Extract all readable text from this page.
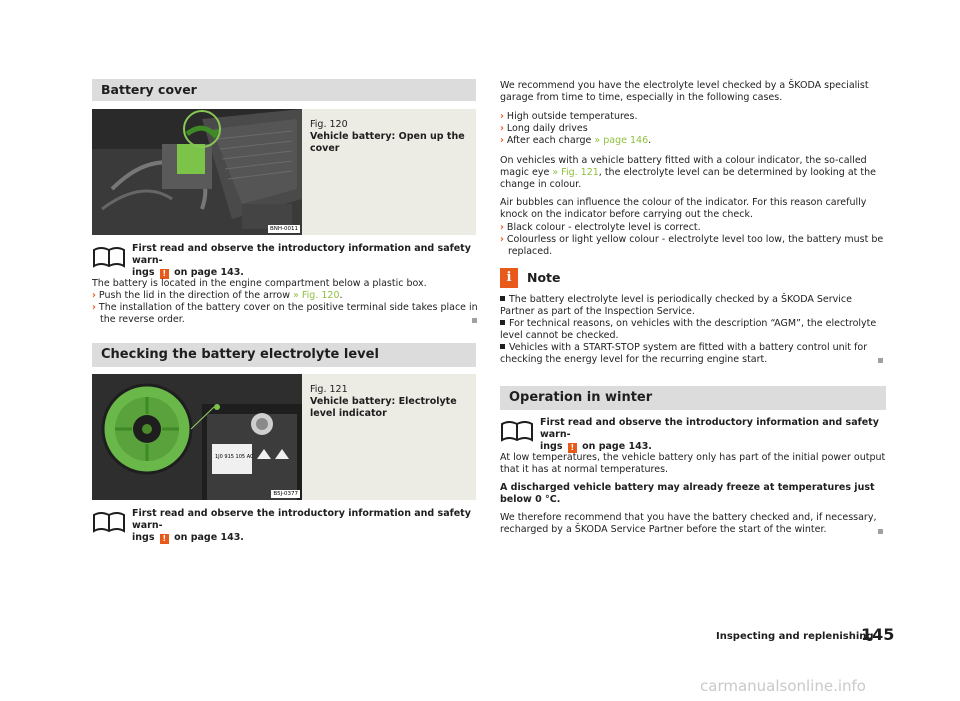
Battery cover
BNH-0011
Fig. 120
Vehicle battery: Open up the cover
First read and observe the introductory information and safety warn-
ings ! on page 143.
The battery is located in the engine compartment below a plastic box.
› Push the lid in the direction of the arrow » Fig. 120.
› The installation of the battery cover on the positive terminal side takes place in the reverse order.
Checking the battery electrolyte level
1J0 915 105 AC
B5J-0377
Fig. 121
Vehicle battery: Electrolyte level indicator
First read and observe the introductory information and safety warn-
ings ! on page 143.
We recommend you have the electrolyte level checked by a ŠKODA specialist garage from time to time, especially in the following cases.
› High outside temperatures.
› Long daily drives
› After each charge » page 146.
On vehicles with a vehicle battery fitted with a colour indicator, the so-called magic eye » Fig. 121, the electrolyte level can be determined by looking at the change in colour.
Air bubbles can influence the colour of the indicator. For this reason carefully knock on the indicator before carrying out the check.
› Black colour - electrolyte level is correct.
› Colourless or light yellow colour - electrolyte level too low, the battery must be replaced.
i	Note
The battery electrolyte level is periodically checked by a ŠKODA Service Partner as part of the Inspection Service.
For technical reasons, on vehicles with the description “AGM”, the electrolyte level cannot be checked.
Vehicles with a START-STOP system are fitted with a battery control unit for checking the energy level for the recurring engine start.
Operation in winter
First read and observe the introductory information and safety warn-
ings ! on page 143.
At low temperatures, the vehicle battery only has part of the initial power output that it has at normal temperatures.
A discharged vehicle battery may already freeze at temperatures just below 0 °C.
We therefore recommend that you have the battery checked and, if necessary, recharged by a ŠKODA Service Partner before the start of the winter.
Inspecting and replenishing
145
carmanualsonline.info
